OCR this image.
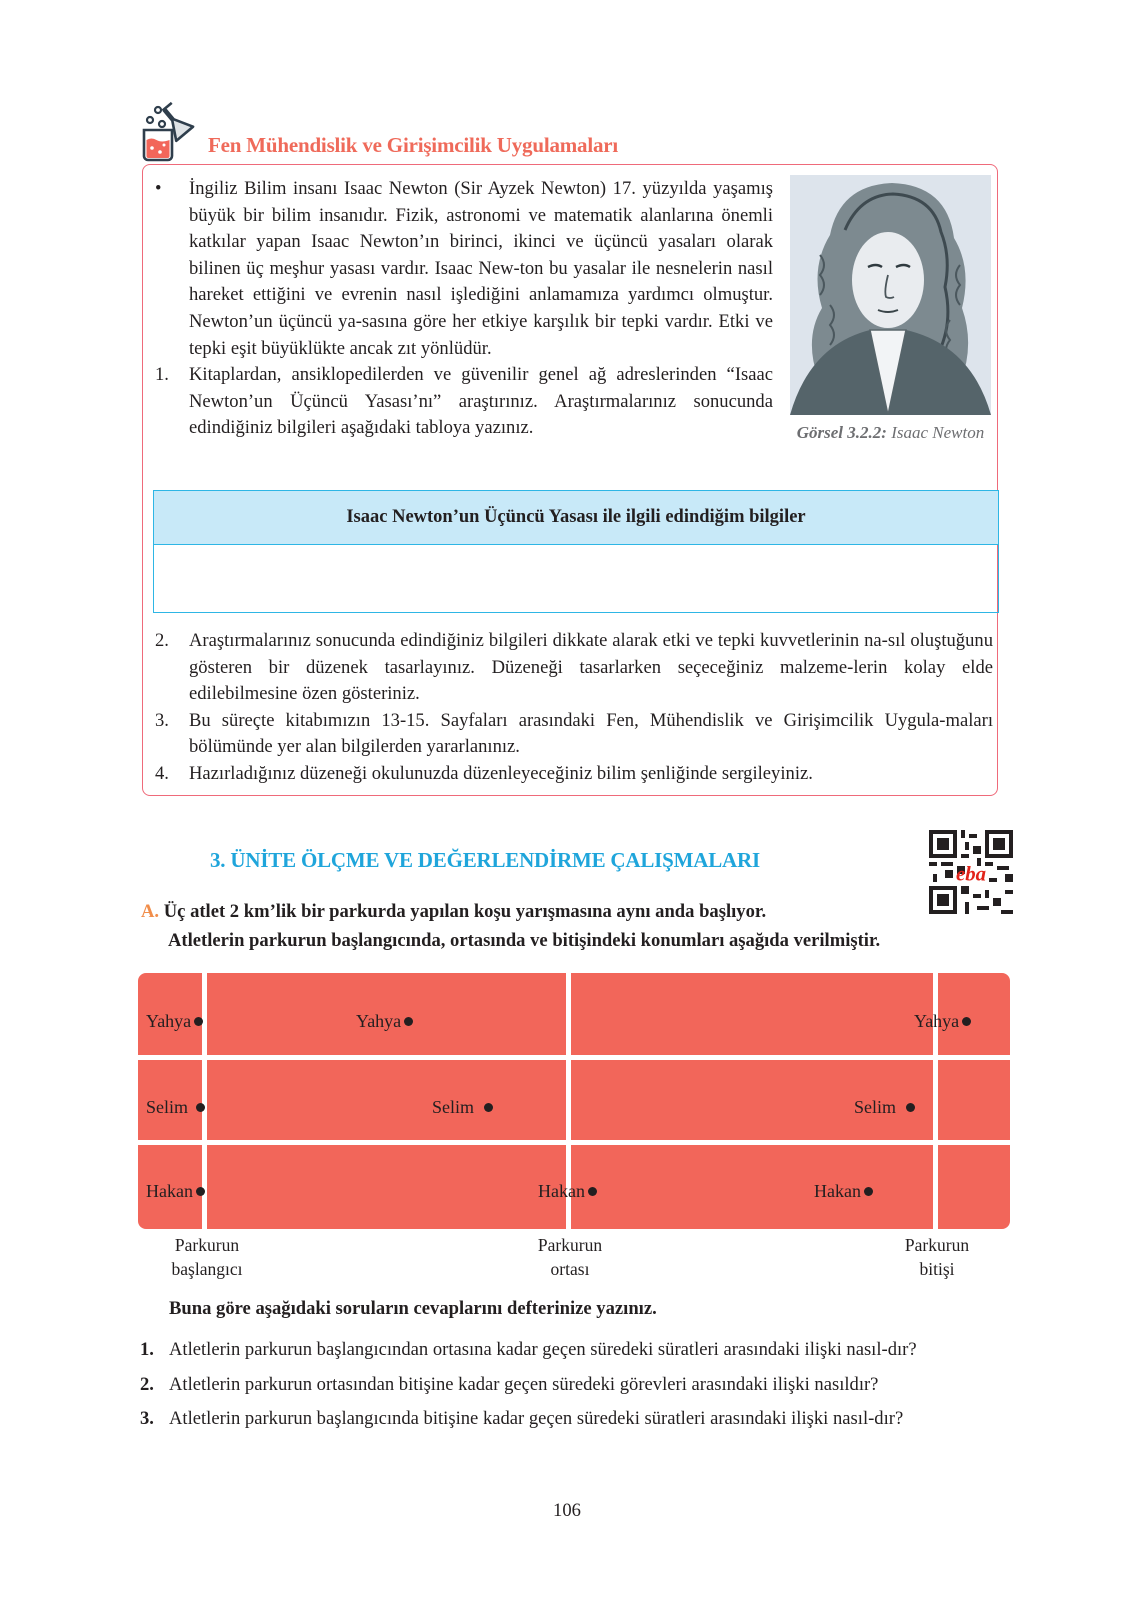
Fen Mühendislik ve Girişimcilik Uygulamaları
• İngiliz Bilim insanı Isaac Newton (Sir Ayzek Newton) 17. yüzyılda yaşamış büyük bir bilim insanıdır. Fizik, astronomi ve matematik alanlarına önemli katkılar yapan Isaac Newton’ın birinci, ikinci ve üçüncü yasaları olarak bilinen üç meşhur yasası vardır. Isaac New-ton bu yasalar ile nesnelerin nasıl hareket ettiğini ve evrenin nasıl işlediğini anlamamıza yardımcı olmuştur. Newton’un üçüncü ya-sasına göre her etkiye karşılık bir tepki vardır. Etki ve tepki eşit büyüklükte ancak zıt yönlüdür.
1. Kitaplardan, ansiklopedilerden ve güvenilir genel ağ adreslerinden “Isaac Newton’un Üçüncü Yasası’nı” araştırınız. Araştırmalarınız sonucunda edindiğiniz bilgileri aşağıdaki tabloya yazınız.	Görsel 3.2.2: Isaac Newton
Isaac Newton’un Üçüncü Yasası ile ilgili edindiğim bilgiler
2. Araştırmalarınız sonucunda edindiğiniz bilgileri dikkate alarak etki ve tepki kuvvetlerinin na-sıl oluştuğunu gösteren bir düzenek tasarlayınız. Düzeneği tasarlarken seçeceğiniz malzeme-lerin kolay elde edilebilmesine özen gösteriniz.
3. Bu süreçte kitabımızın 13-15. Sayfaları arasındaki Fen, Mühendislik ve Girişimcilik Uygula-maları bölümünde yer alan bilgilerden yararlanınız.
4. Hazırladığınız düzeneği okulunuzda düzenleyeceğiniz bilim şenliğinde sergileyiniz.
3. ÜNİTE ÖLÇME VE DEĞERLENDİRME ÇALIŞMALARI
eba
A. Üç atlet 2 km’lik bir parkurda yapılan koşu yarışmasına aynı anda başlıyor.
Atletlerin parkurun başlangıcında, ortasında ve bitişindeki konumları aşağıda verilmiştir.
Yahya	Yahya	Yahya
Selim	Selim	Selim
Hakan	Hakan	Hakan
Parkurun
başlangıcı
Parkurun
ortası
Parkurun
bitişi
Buna göre aşağıdaki soruların cevaplarını defterinize yazınız.
1. Atletlerin parkurun başlangıcından ortasına kadar geçen süredeki süratleri arasındaki ilişki nasıl-dır?
2. Atletlerin parkurun ortasından bitişine kadar geçen süredeki görevleri arasındaki ilişki nasıldır?
3. Atletlerin parkurun başlangıcında bitişine kadar geçen süredeki süratleri arasındaki ilişki nasıl-dır?
106
